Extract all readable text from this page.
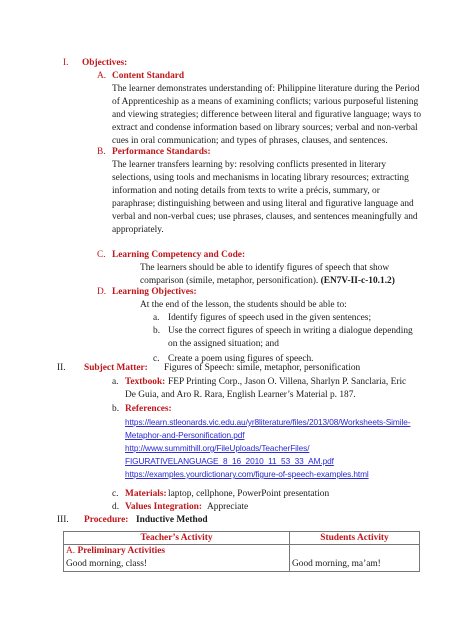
I. Objectives:
A. Content Standard
The learner demonstrates understanding of: Philippine literature during the Period
of Apprenticeship as a means of examining conflicts; various purposeful listening
and viewing strategies; difference between literal and figurative language; ways to
extract and condense information based on library sources; verbal and non-verbal
cues in oral communication; and types of phrases, clauses, and sentences.
B. Performance Standards:
The learner transfers learning by: resolving conflicts presented in literary
selections, using tools and mechanisms in locating library resources; extracting
information and noting details from texts to write a précis, summary, or
paraphrase; distinguishing between and using literal and figurative language and
verbal and non-verbal cues; use phrases, clauses, and sentences meaningfully and
appropriately.
C. Learning Competency and Code:
The learners should be able to identify figures of speech that show
comparison (simile, metaphor, personification). (EN7V-II-c-10.1.2)
D. Learning Objectives:
At the end of the lesson, the students should be able to:
a. Identify figures of speech used in the given sentences;
b. Use the correct figures of speech in writing a dialogue depending
on the assigned situation; and
c. Create a poem using figures of speech.
II. Subject Matter: Figures of Speech: simile, metaphor, personification
a. Textbook: FEP Printing Corp., Jason O. Villena, Sharlyn P. Sanclaria, Eric
De Guia, and Aro R. Rara, English Learner’s Material p. 187.
b. References:
https://learn.stleonards.vic.edu.au/yr8literature/files/2013/08/Worksheets-Simile-
Metaphor-and-Personification.pdf
http://www.summithill.org/FileUploads/TeacherFiles/
FIGURATIVELANGUAGE_8_16_2010_11_53_33_AM.pdf
https://examples.yourdictionary.com/figure-of-speech-examples.html
c. Materials: laptop, cellphone, PowerPoint presentation
d. Values Integration: Appreciate
III. Procedure: Inductive Method
Teacher’s Activity	Students Activity

A. Preliminary Activities
Good morning, class!	Good morning, ma’am!
